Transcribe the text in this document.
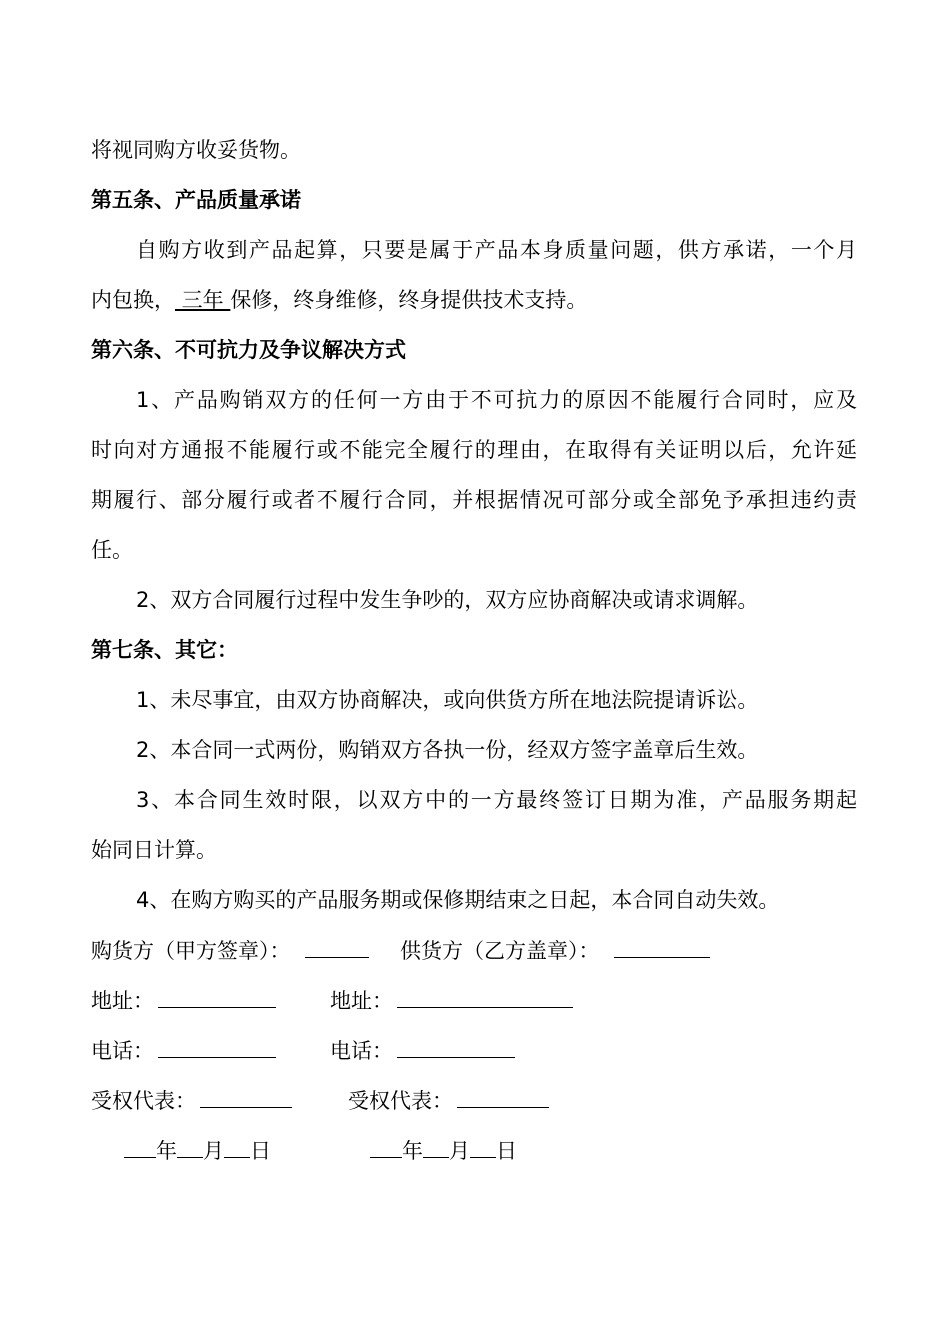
将视同购方收妥货物。
第五条、产品质量承诺
自购方收到产品起算，只要是属于产品本身质量问题，供方承诺，一个月
内包换， 三年 保修，终身维修，终身提供技术支持。
第六条、不可抗力及争议解决方式
1、产品购销双方的任何一方由于不可抗力的原因不能履行合同时，应及
时向对方通报不能履行或不能完全履行的理由，在取得有关证明以后，允许延
期履行、部分履行或者不履行合同，并根据情况可部分或全部免予承担违约责
任。
2、双方合同履行过程中发生争吵的，双方应协商解决或请求调解。
第七条、其它：
1、未尽事宜，由双方协商解决，或向供货方所在地法院提请诉讼。
2、本合同一式两份，购销双方各执一份，经双方签字盖章后生效。
3、本合同生效时限，以双方中的一方最终签订日期为准，产品服务期起
始同日计算。
4、在购方购买的产品服务期或保修期结束之日起，本合同自动失效。
购货方（甲方签章）：	供货方（乙方盖章）：
地址：	地址：
电话：	电话：
受权代表：	受权代表：
年 月 日	年 月 日
